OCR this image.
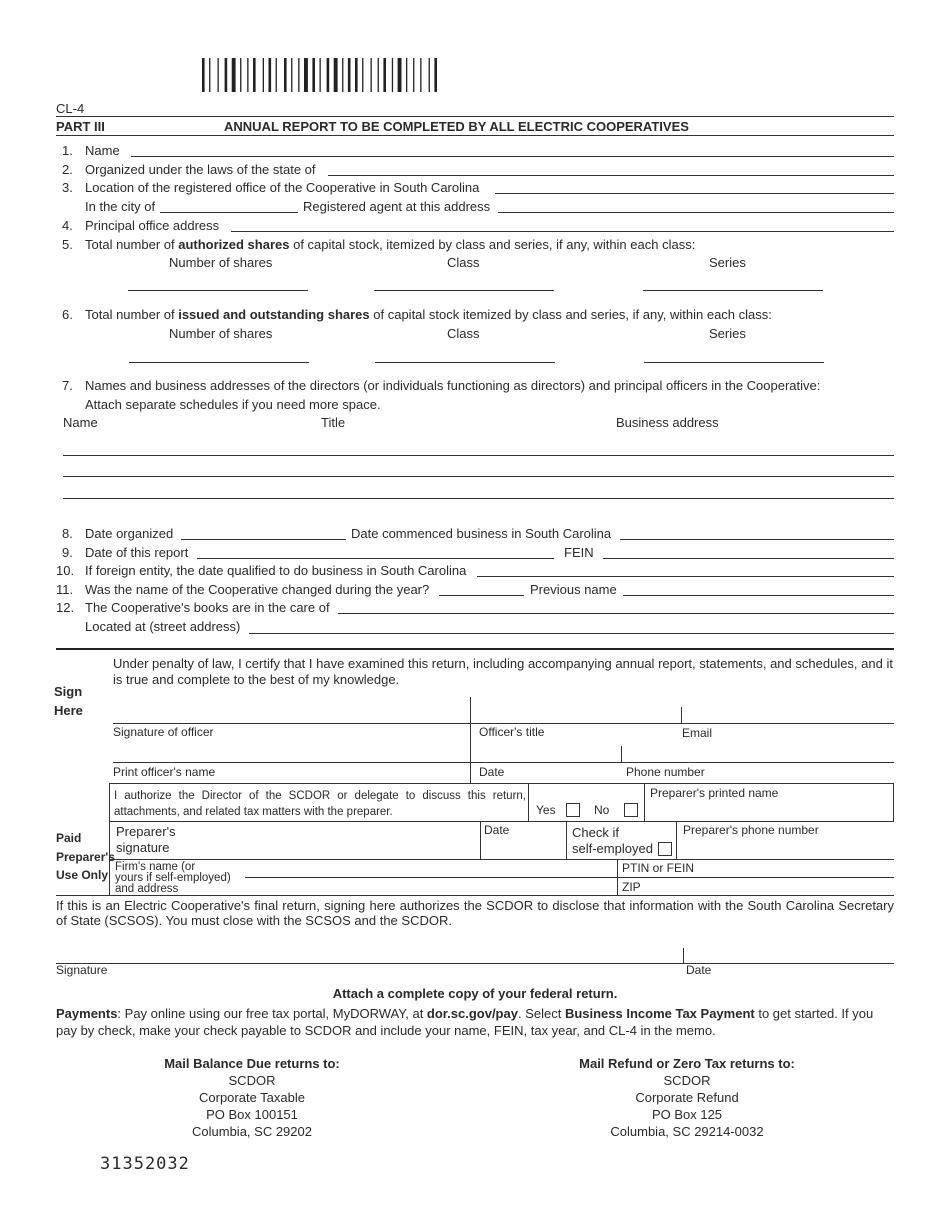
CL-4
PART III	ANNUAL REPORT TO BE COMPLETED BY ALL ELECTRIC COOPERATIVES
1. Name
2. Organized under the laws of the state of
3. Location of the registered office of the Cooperative in South Carolina
In the city of	Registered agent at this address
4. Principal office address
5. Total number of authorized shares of capital stock, itemized by class and series, if any, within each class:
Number of shares	Class	Series
6. Total number of issued and outstanding shares of capital stock itemized by class and series, if any, within each class:
Number of shares	Class	Series
7. Names and business addresses of the directors (or individuals functioning as directors) and principal officers in the Cooperative:
Attach separate schedules if you need more space.
Name	Title	Business address
8. Date organized	Date commenced business in South Carolina
9. Date of this report	FEIN
10. If foreign entity, the date qualified to do business in South Carolina
11. Was the name of the Cooperative changed during the year?	Previous name
12. The Cooperative's books are in the care of
Located at (street address)
Under penalty of law, I certify that I have examined this return, including accompanying annual report, statements, and schedules, and it is true and complete to the best of my knowledge.
Sign
Here
Signature of officer	Officer's title	Email
Print officer's name	Date	Phone number
I authorize the Director of the SCDOR or delegate to discuss this return, attachments, and related tax matters with the preparer.	Yes	No
Preparer's printed name
Paid
Preparer's
Use Only
Preparer's
signature
Date	Check if
self-employed
Preparer's phone number
Firm's name (or
yours if self-employed)
and address
PTIN or FEIN
ZIP
If this is an Electric Cooperative's final return, signing here authorizes the SCDOR to disclose that information with the South Carolina Secretary of State (SCSOS). You must close with the SCSOS and the SCDOR.
Signature	Date
Attach a complete copy of your federal return.
Payments: Pay online using our free tax portal, MyDORWAY, at dor.sc.gov/pay. Select Business Income Tax Payment to get started. If you pay by check, make your check payable to SCDOR and include your name, FEIN, tax year, and CL-4 in the memo.
Mail Balance Due returns to:
SCDOR
Corporate Taxable
PO Box 100151
Columbia, SC 29202
Mail Refund or Zero Tax returns to:
SCDOR
Corporate Refund
PO Box 125
Columbia, SC 29214-0032
31352032
